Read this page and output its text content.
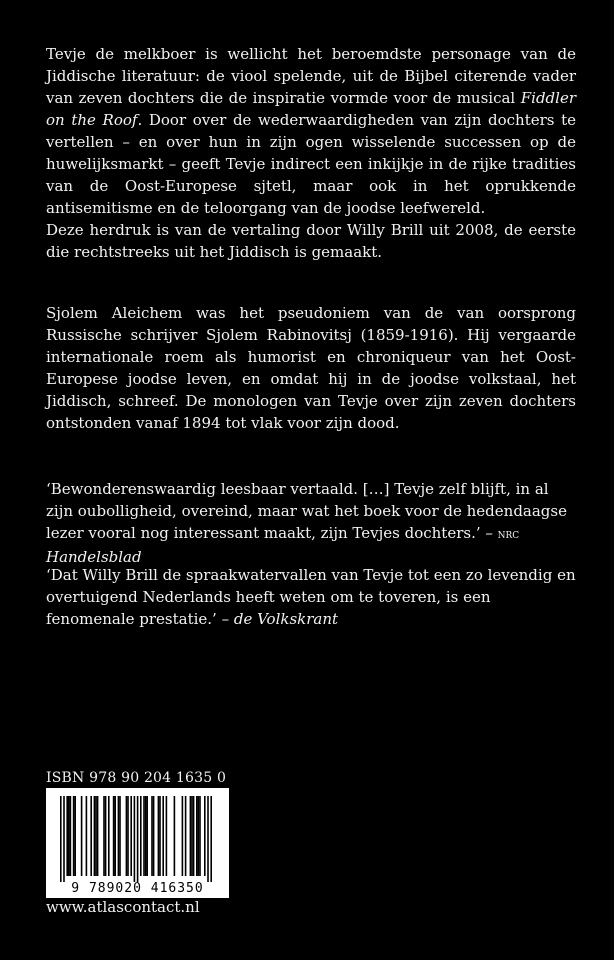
Tevje de melkboer is wellicht het beroemdste personage van de Jiddische literatuur: de viool spelende, uit de Bijbel citerende vader van zeven dochters die de inspiratie vormde voor de musical Fiddler on the Roof. Door over de wederwaardigheden van zijn dochters te vertellen – en over hun in zijn ogen wisselende successen op de huwelijksmarkt – geeft Tevje indirect een inkijkje in de rijke tradities van de Oost-Europese sjtetl, maar ook in het oprukkende antisemitisme en de teloorgang van de joodse leefwereld.

Deze herdruk is van de vertaling door Willy Brill uit 2008, de eerste die rechtstreeks uit het Jiddisch is gemaakt.

Sjolem Aleichem was het pseudoniem van de van oorsprong Russische schrijver Sjolem Rabinovitsj (1859-1916). Hij vergaarde internationale roem als humorist en chroniqueur van het Oost-Europese joodse leven, en omdat hij in de joodse volkstaal, het Jiddisch, schreef. De monologen van Tevje over zijn zeven dochters ontstonden vanaf 1894 tot vlak voor zijn dood.

‘Bewonderenswaardig leesbaar vertaald. […] Tevje zelf blijft, in al zijn oubolligheid, overeind, maar wat het boek voor de hedendaagse lezer vooral nog interessant maakt, zijn Tevjes dochters.’ – nrc Handelsblad

‘Dat Willy Brill de spraakwatervallen van Tevje tot een zo levendig en overtuigend Nederlands heeft weten om te toveren, is een fenomenale prestatie.’ – de Volkskrant

ISBN 978 90 204 1635 0
9 789020 416350
www.atlascontact.nl
